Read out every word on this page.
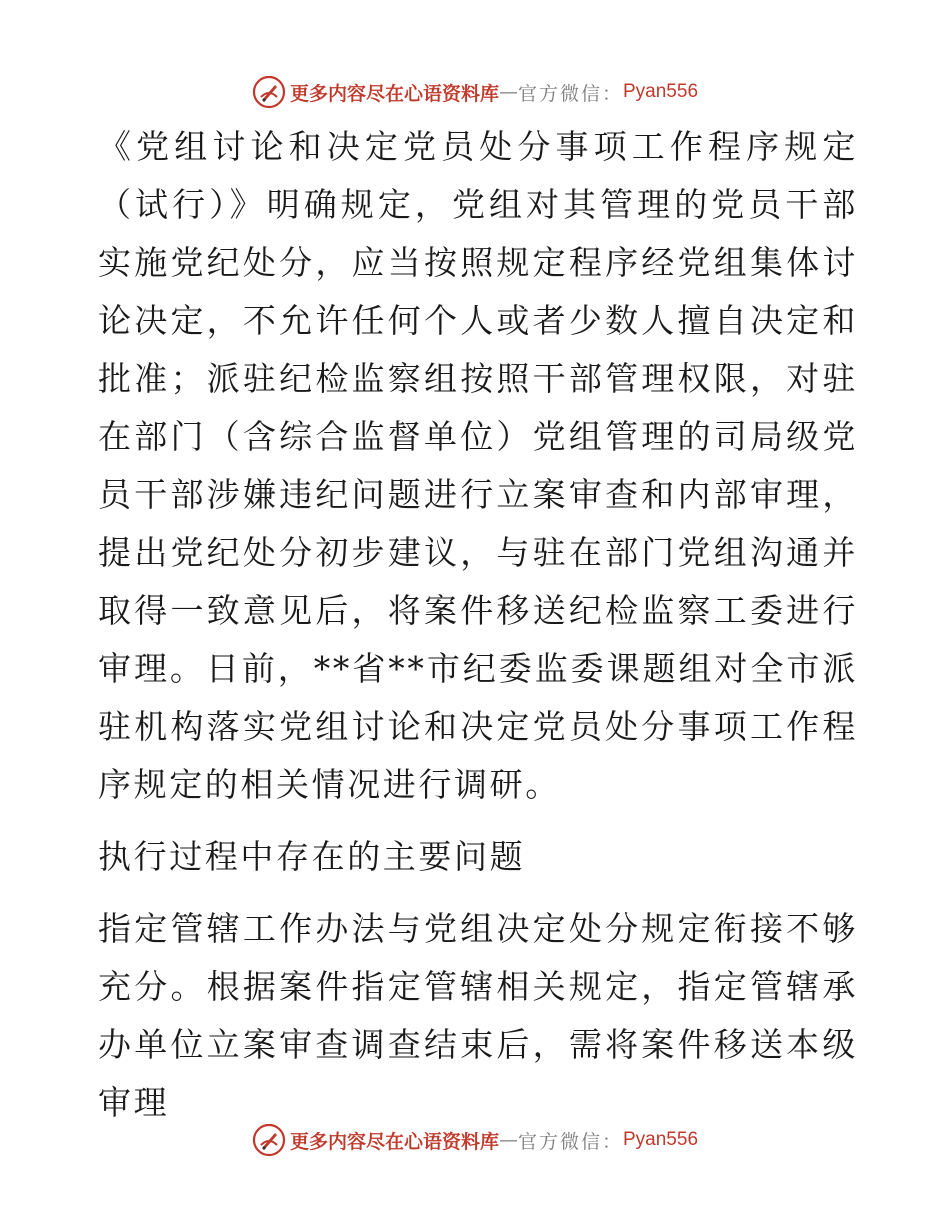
更多内容尽在心语资料库 — 官方微信： Pyan556

《党组讨论和决定党员处分事项工作程序规定（试行）》明确规定，党组对其管理的党员干部实施党纪处分，应当按照规定程序经党组集体讨论决定，不允许任何个人或者少数人擅自决定和批准；派驻纪检监察组按照干部管理权限，对驻在部门（含综合监督单位）党组管理的司局级党员干部涉嫌违纪问题进行立案审查和内部审理，提出党纪处分初步建议，与驻在部门党组沟通并取得一致意见后，将案件移送纪检监察工委进行审理。日前，**省**市纪委监委课题组对全市派驻机构落实党组讨论和决定党员处分事项工作程序规定的相关情况进行调研。

执行过程中存在的主要问题

指定管辖工作办法与党组决定处分规定衔接不够充分。根据案件指定管辖相关规定，指定管辖承办单位立案审查调查结束后，需将案件移送本级审理

更多内容尽在心语资料库 — 官方微信： Pyan556
